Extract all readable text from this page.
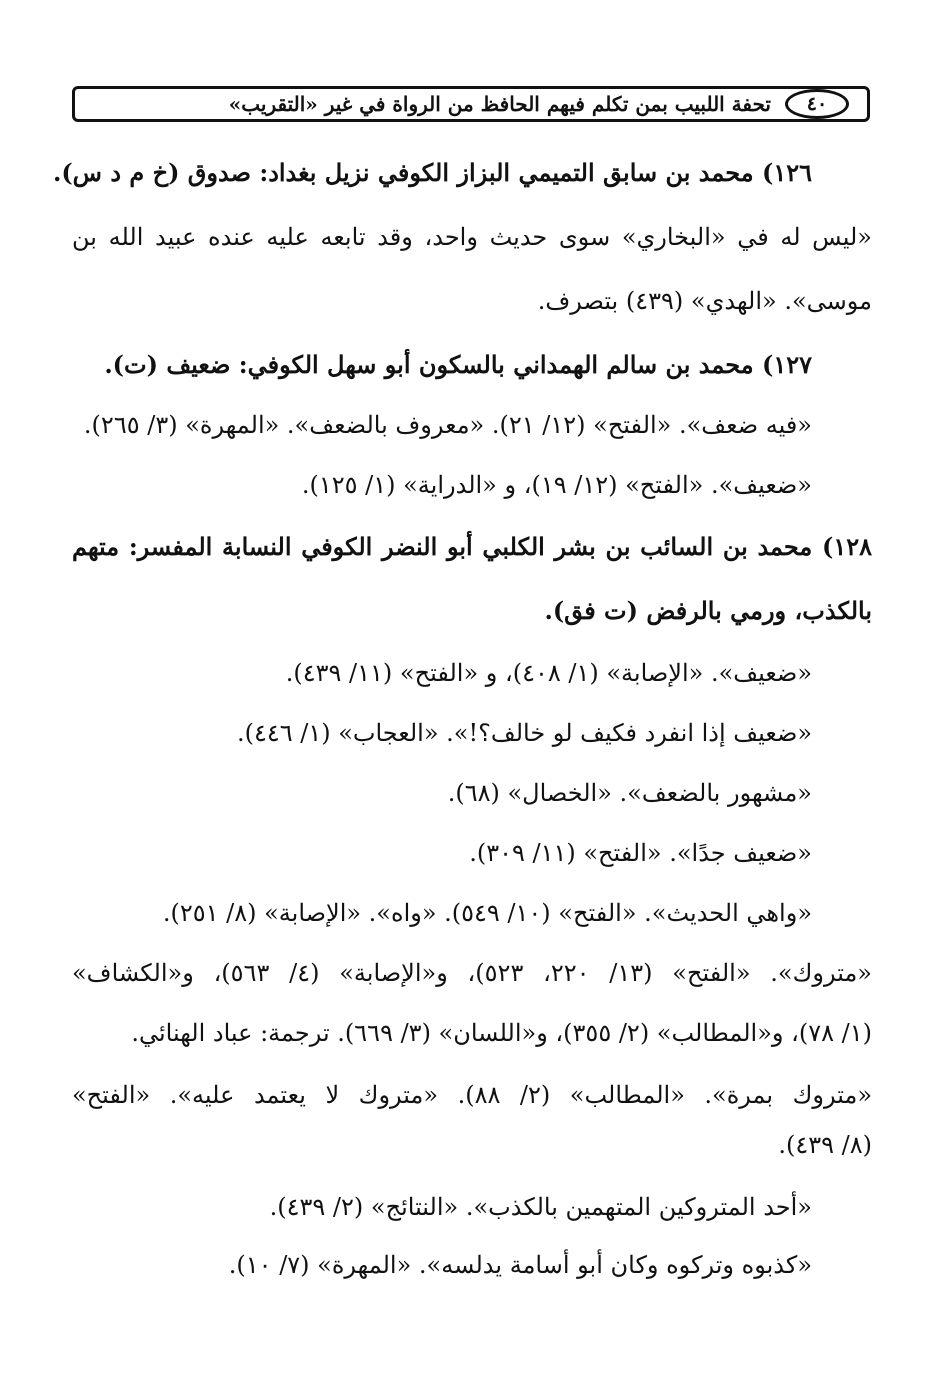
٤٠
تحفة اللبيب بمن تكلم فيهم الحافظ من الرواة في غير «التقريب»
١٢٦) محمد بن سابق التميمي البزاز الكوفي نزيل بغداد: صدوق (خ م د س).
«ليس له في «البخاري» سوى حديث واحد، وقد تابعه عليه عنده عبيد الله بن
موسى». «الهدي» (٤٣٩) بتصرف.
١٢٧) محمد بن سالم الهمداني بالسكون أبو سهل الكوفي: ضعيف (ت).
«فيه ضعف». «الفتح» (١٢/ ٢١). «معروف بالضعف». «المهرة» (٣/ ٢٦٥).
«ضعيف». «الفتح» (١٢/ ١٩)، و «الدراية» (١/ ١٢٥).
١٢٨) محمد بن السائب بن بشر الكلبي أبو النضر الكوفي النسابة المفسر: متهم
بالكذب، ورمي بالرفض (ت فق).
«ضعيف». «الإصابة» (١/ ٤٠٨)، و «الفتح» (١١/ ٤٣٩).
«ضعيف إذا انفرد فكيف لو خالف؟!». «العجاب» (١/ ٤٤٦).
«مشهور بالضعف». «الخصال» (٦٨).
«ضعيف جدًا». «الفتح» (١١/ ٣٠٩).
«واهي الحديث». «الفتح» (١٠/ ٥٤٩). «واه». «الإصابة» (٨/ ٢٥١).
«متروك». «الفتح» (١٣/ ٢٢٠، ٥٢٣)، و«الإصابة» (٤/ ٥٦٣)، و«الكشاف»
(١/ ٧٨)، و«المطالب» (٢/ ٣٥٥)، و«اللسان» (٣/ ٦٦٩). ترجمة: عباد الهنائي.
«متروك بمرة». «المطالب» (٢/ ٨٨). «متروك لا يعتمد عليه». «الفتح»
(٨/ ٤٣٩).
«أحد المتروكين المتهمين بالكذب». «النتائج» (٢/ ٤٣٩).
«كذبوه وتركوه وكان أبو أسامة يدلسه». «المهرة» (٧/ ١٠).
